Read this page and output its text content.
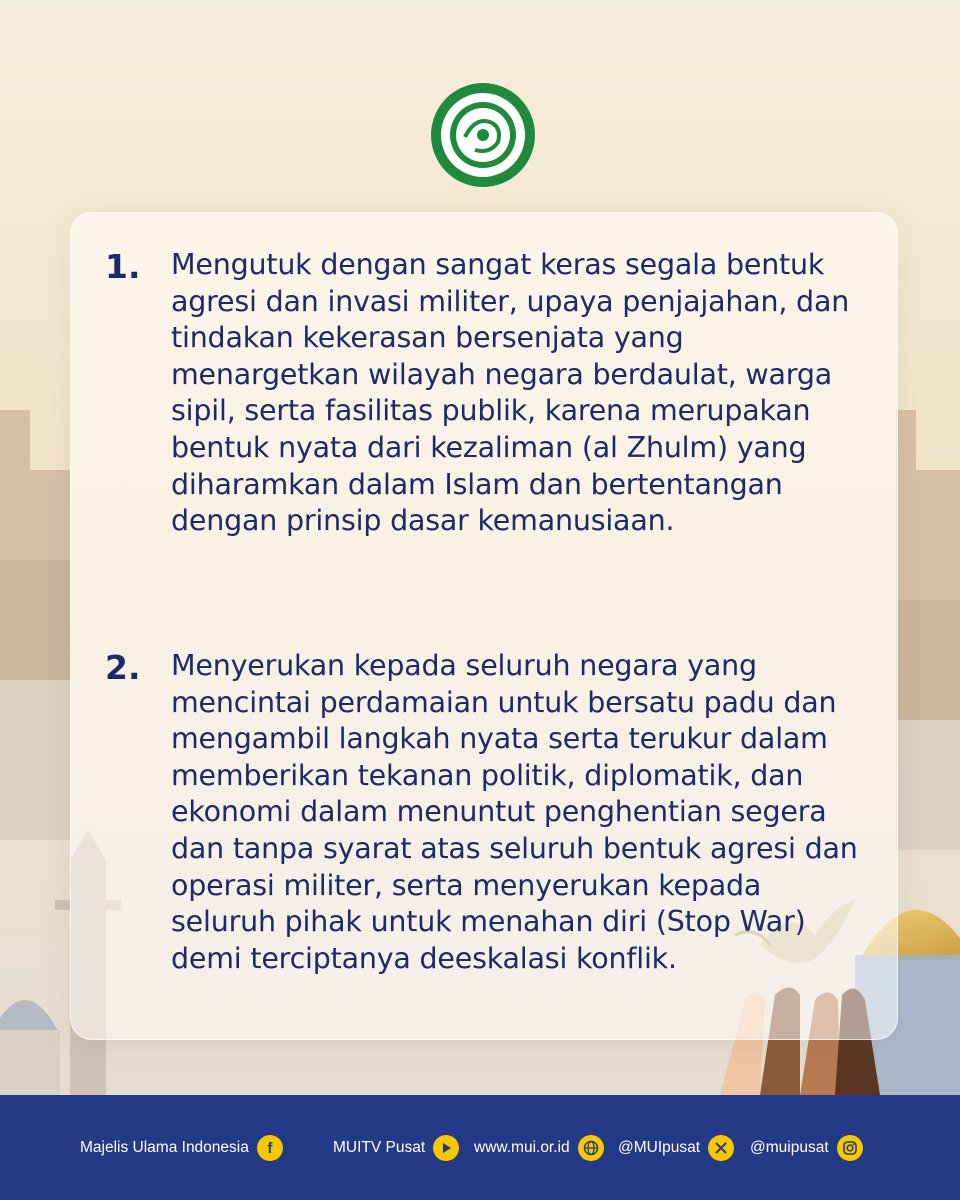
1. Mengutuk dengan sangat keras segala bentuk agresi dan invasi militer, upaya penjajahan, dan tindakan kekerasan bersenjata yang menargetkan wilayah negara berdaulat, warga sipil, serta fasilitas publik, karena merupakan bentuk nyata dari kezaliman (al Zhulm) yang diharamkan dalam Islam dan bertentangan dengan prinsip dasar kemanusiaan.
2. Menyerukan kepada seluruh negara yang mencintai perdamaian untuk bersatu padu dan mengambil langkah nyata serta terukur dalam memberikan tekanan politik, diplomatik, dan ekonomi dalam menuntut penghentian segera dan tanpa syarat atas seluruh bentuk agresi dan operasi militer, serta menyerukan kepada seluruh pihak untuk menahan diri (Stop War) demi terciptanya deeskalasi konflik.
Majelis Ulama Indonesia	f	MUITV Pusat	www.mui.or.id	@MUIpusat	@muipusat
